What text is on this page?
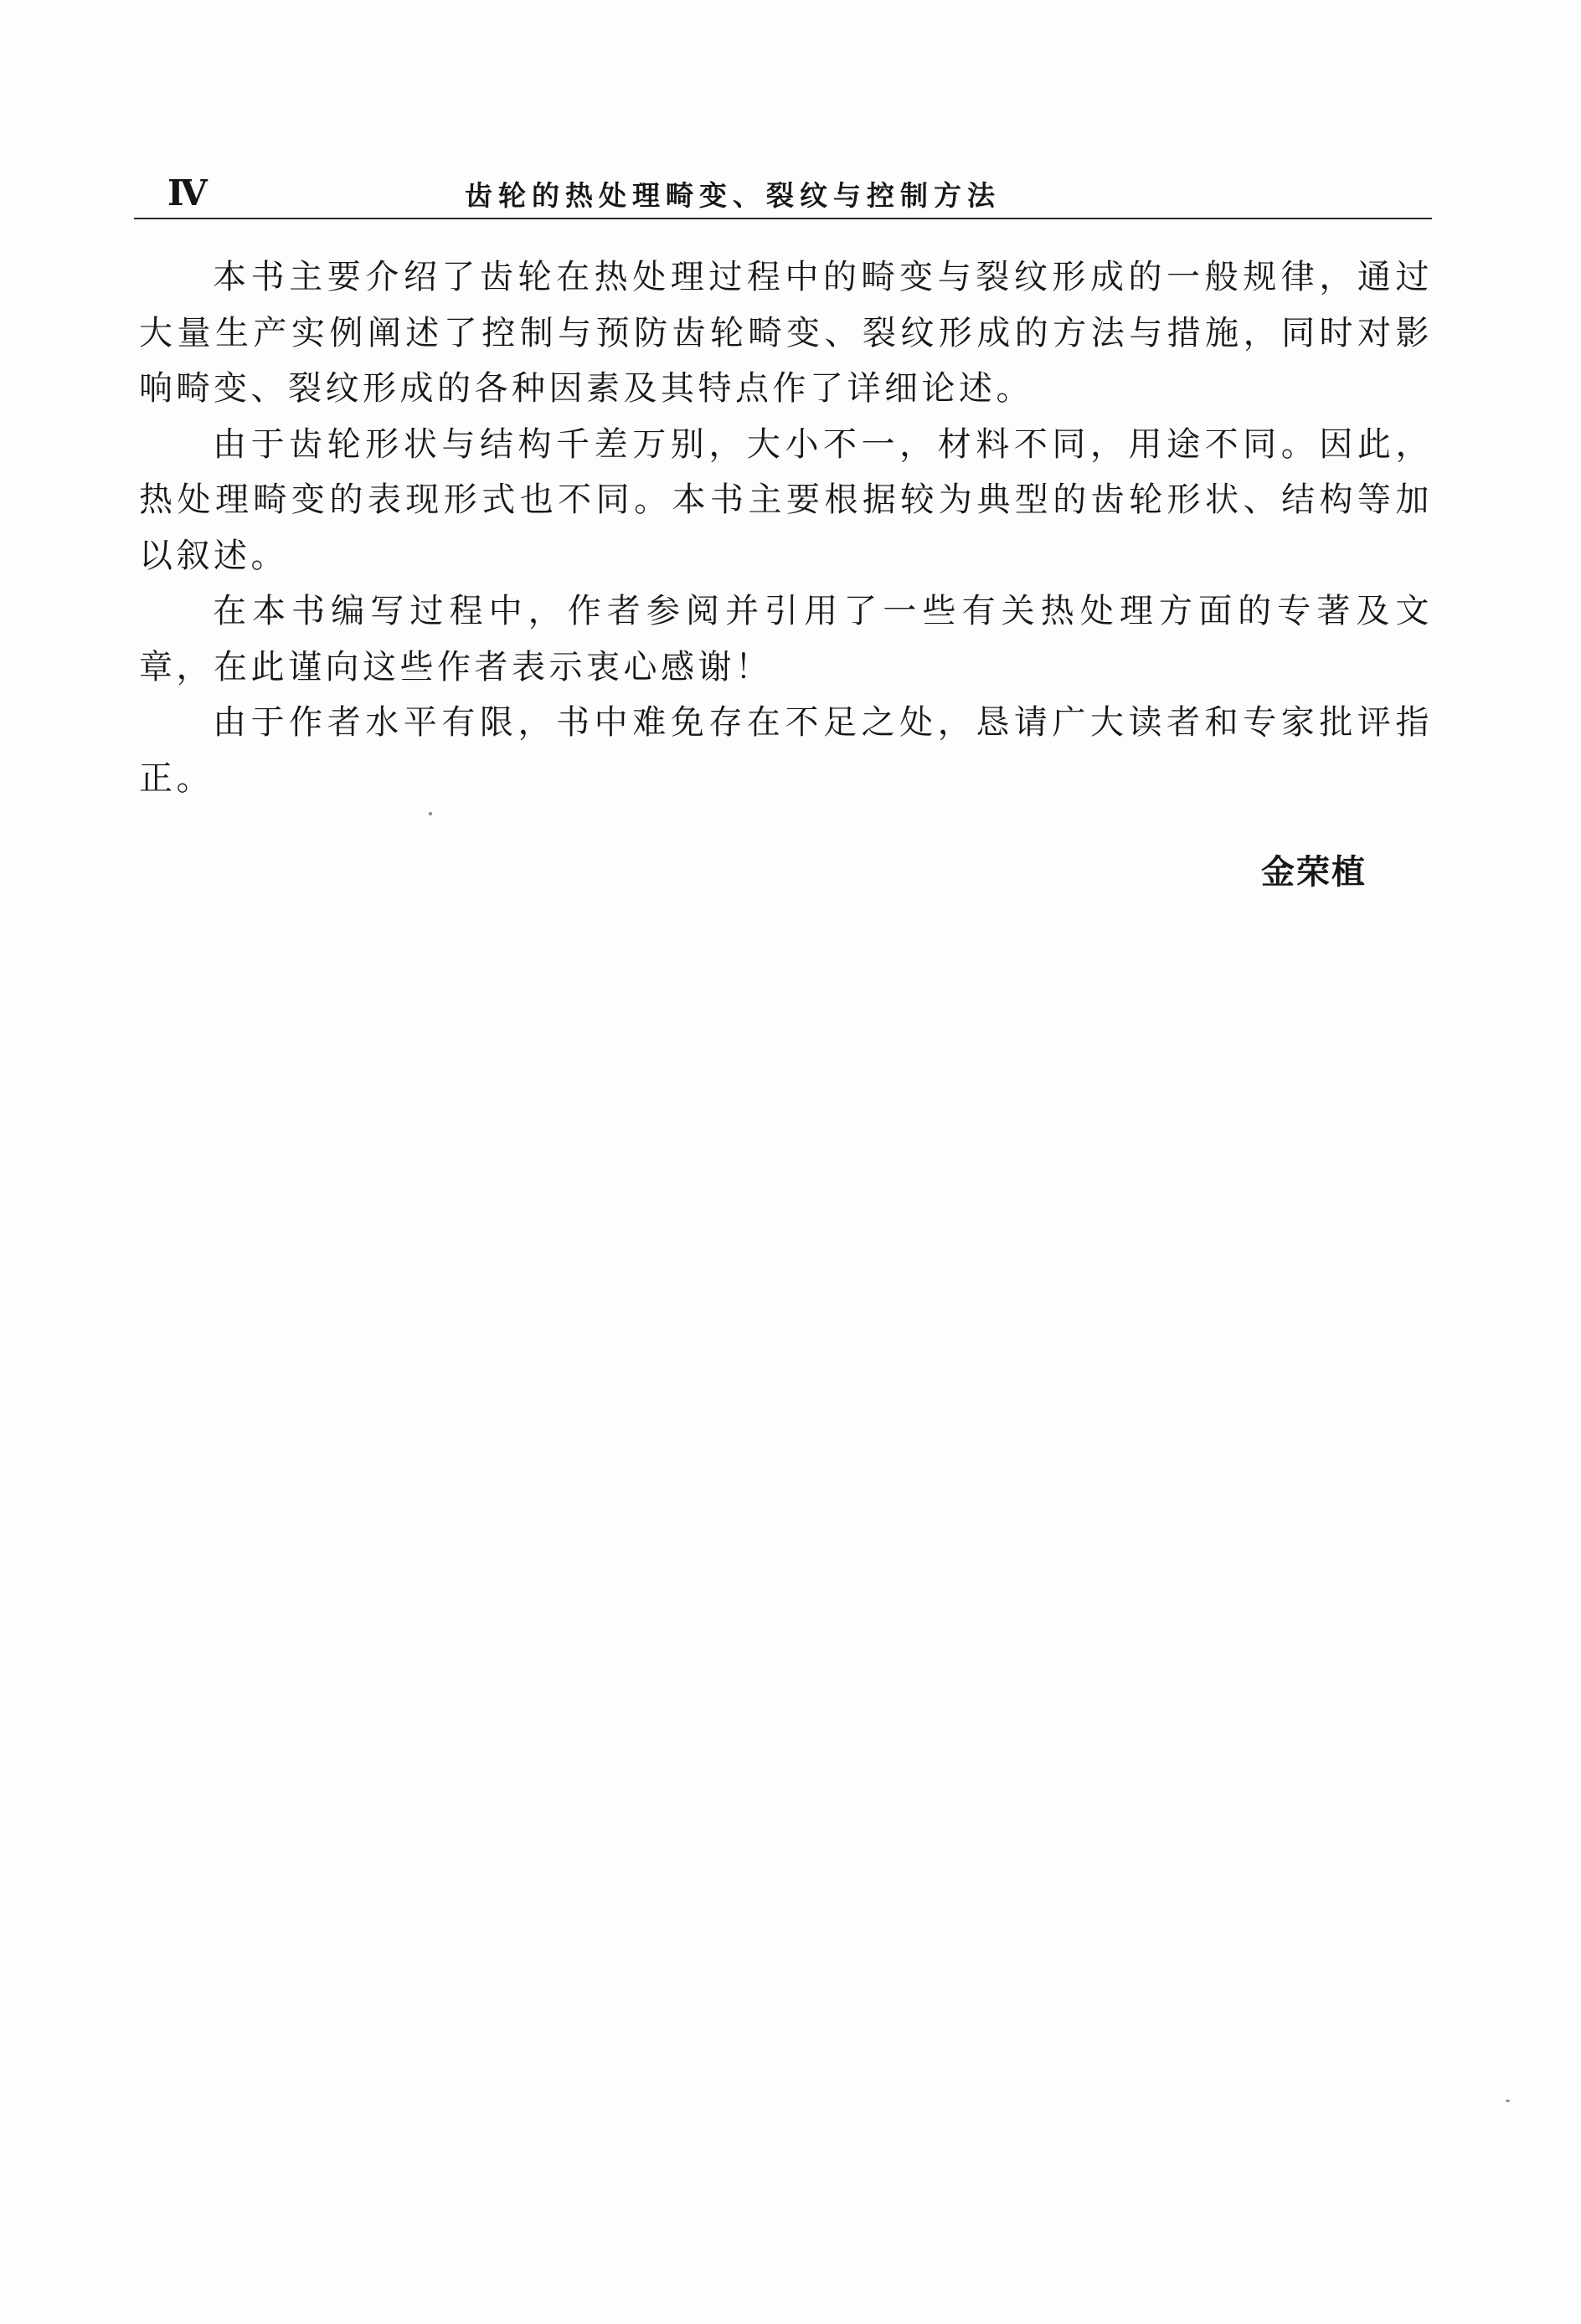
Ⅳ	齿轮的热处理畸变、裂纹与控制方法

本书主要介绍了齿轮在热处理过程中的畸变与裂纹形成的一般规律，通过大量生产实例阐述了控制与预防齿轮畸变、裂纹形成的方法与措施，同时对影响畸变、裂纹形成的各种因素及其特点作了详细论述。

由于齿轮形状与结构千差万别，大小不一，材料不同，用途不同。因此，热处理畸变的表现形式也不同。本书主要根据较为典型的齿轮形状、结构等加以叙述。

在本书编写过程中，作者参阅并引用了一些有关热处理方面的专著及文章，在此谨向这些作者表示衷心感谢！

由于作者水平有限，书中难免存在不足之处，恳请广大读者和专家批评指正。

金荣植
